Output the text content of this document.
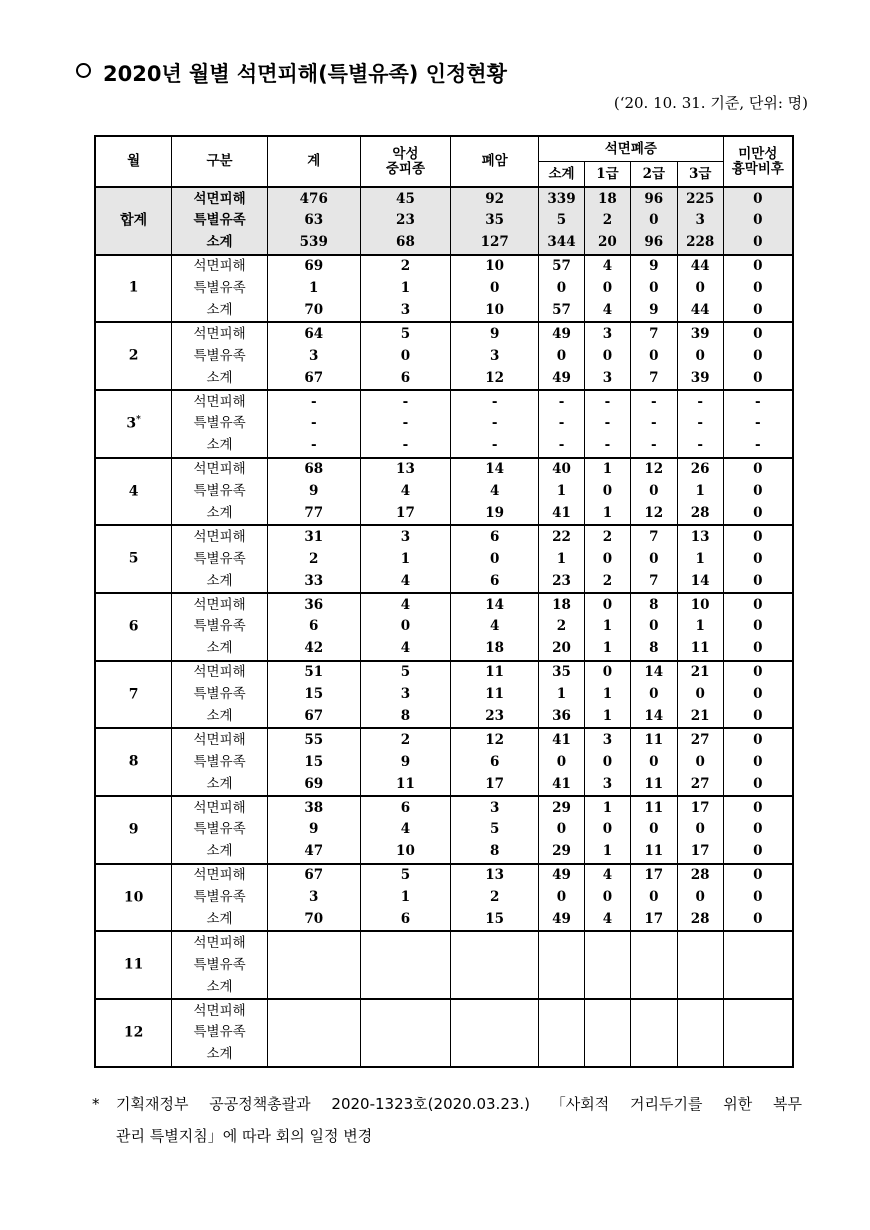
2020년 월별 석면피해(특별유족) 인정현황
(‘20. 10. 31. 기준, 단위: 명)
월	구분	계	악성
중피종	폐암	석면폐증				미만성
흉막비후
					소계	1급	2급	3급	
합계	석면피해	476	45	92	339	18	96	225	0
	특별유족	63	23	35	5	2	0	3	0
	소계	539	68	127	344	20	96	228	0
1	석면피해	69	2	10	57	4	9	44	0
	특별유족	1	1	0	0	0	0	0	0
	소계	70	3	10	57	4	9	44	0
2	석면피해	64	5	9	49	3	7	39	0
	특별유족	3	0	3	0	0	0	0	0
	소계	67	6	12	49	3	7	39	0
3*	석면피해	-	-	-	-	-	-	-	-
	특별유족	-	-	-	-	-	-	-	-
	소계	-	-	-	-	-	-	-	-
4	석면피해	68	13	14	40	1	12	26	0
	특별유족	9	4	4	1	0	0	1	0
	소계	77	17	19	41	1	12	28	0
5	석면피해	31	3	6	22	2	7	13	0
	특별유족	2	1	0	1	0	0	1	0
	소계	33	4	6	23	2	7	14	0
6	석면피해	36	4	14	18	0	8	10	0
	특별유족	6	0	4	2	1	0	1	0
	소계	42	4	18	20	1	8	11	0
7	석면피해	51	5	11	35	0	14	21	0
	특별유족	15	3	11	1	1	0	0	0
	소계	67	8	23	36	1	14	21	0
8	석면피해	55	2	12	41	3	11	27	0
	특별유족	15	9	6	0	0	0	0	0
	소계	69	11	17	41	3	11	27	0
9	석면피해	38	6	3	29	1	11	17	0
	특별유족	9	4	5	0	0	0	0	0
	소계	47	10	8	29	1	11	17	0
10	석면피해	67	5	13	49	4	17	28	0
	특별유족	3	1	2	0	0	0	0	0
	소계	70	6	15	49	4	17	28	0
11	석면피해								
	특별유족								
	소계								
12	석면피해								
	특별유족								
	소계								
* 기획재정부 공공정책총괄과 2020-1323호(2020.03.23.) 「사회적 거리두기를 위한 복무
관리 특별지침」에 따라 회의 일정 변경
